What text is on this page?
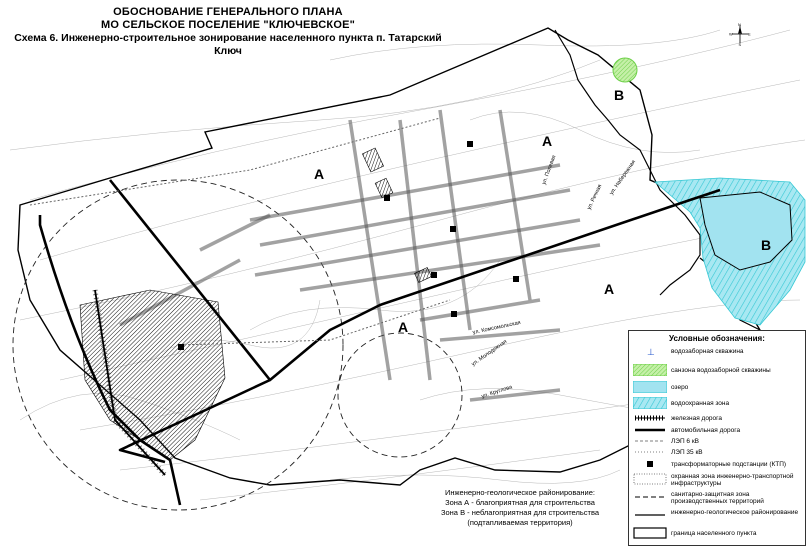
ул. Комсомольская
ул. Молодежная
ул. Круглова
ул. Набережная
ул. Полевая
ул. Речная
ОБОСНОВАНИЕ ГЕНЕРАЛЬНОГО ПЛАНА
МО СЕЛЬСКОЕ ПОСЕЛЕНИЕ "КЛЮЧЕВСКОЕ"
Схема 6. Инженерно-строительное зонирование населенного пункта п. Татарский Ключ
N
S
W	E
А
А
А
А
В
В
Условные обозначения:
⊥ водозаборная скважина
санзона водозаборной скважины
озеро
водоохранная зона
железная дорога
автомобильная дорога
ЛЭП 6 кВ
ЛЭП 35 кВ
трансформаторные подстанции (КТП)
охранная зона инженерно-транспортной инфраструктуры
санитарно-защитная зона производственных территорий
инженерно-геологическое районирование
граница населенного пункта
Инженерно-геологическое районирование:
Зона А - благоприятная для строительства
Зона В - неблагоприятная для строительства
(подтапливаемая территория)
